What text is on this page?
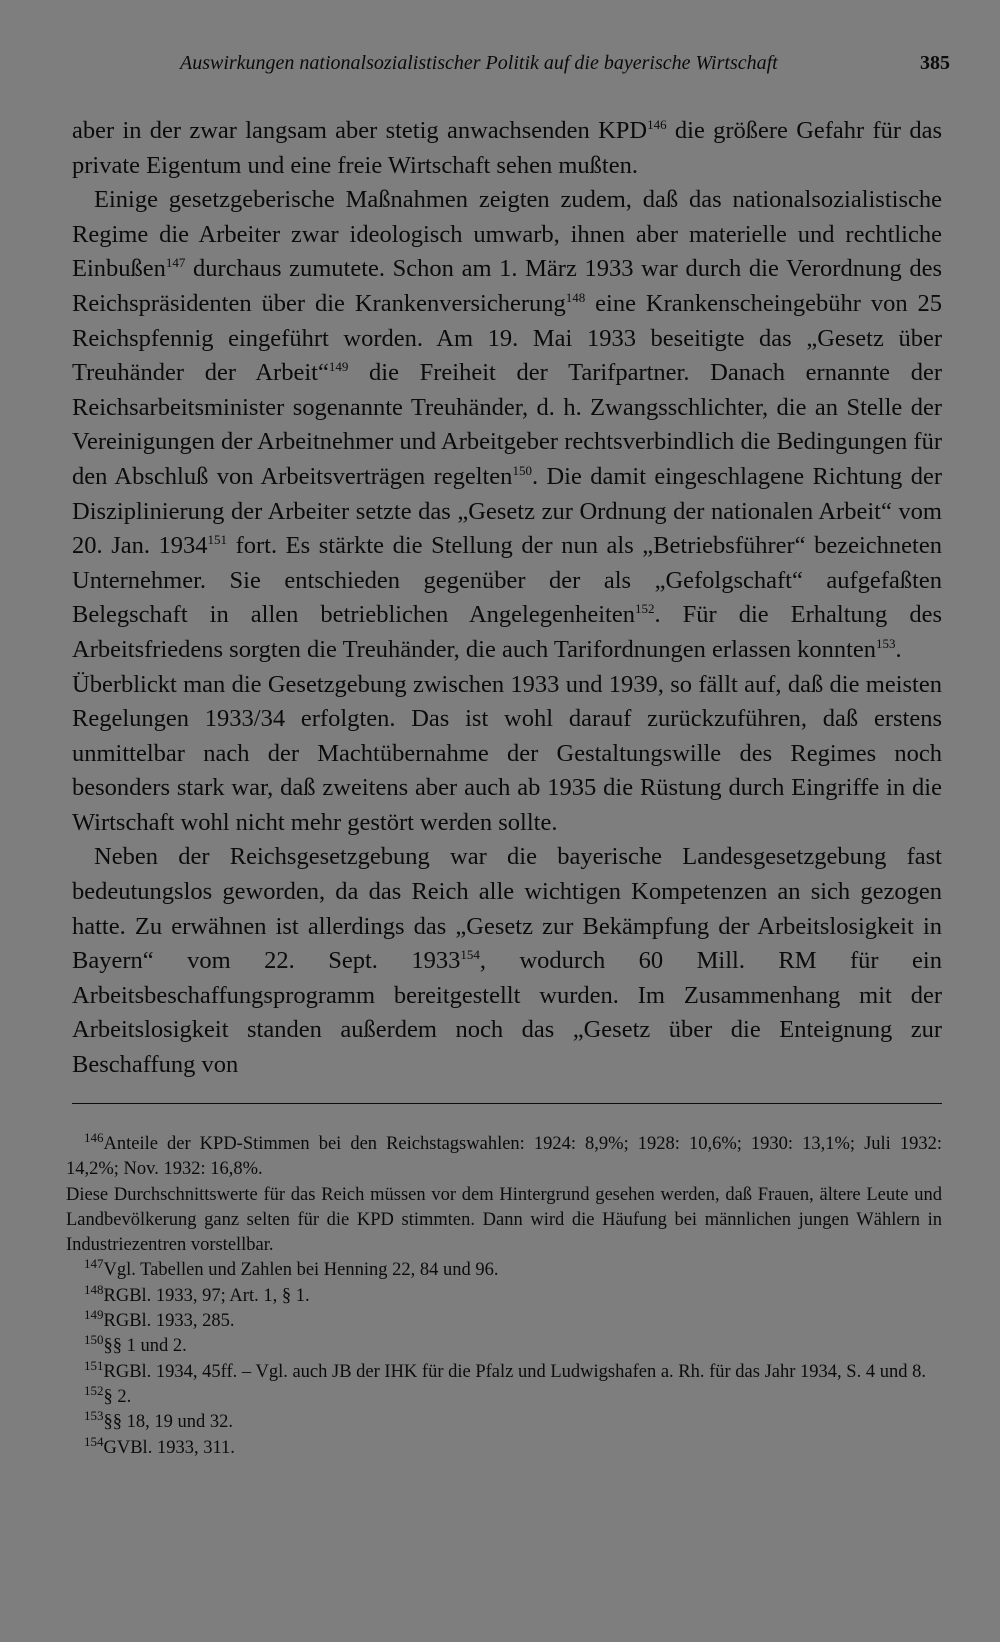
Auswirkungen nationalsozialistischer Politik auf die bayerische Wirtschaft	385

aber in der zwar langsam aber stetig anwachsenden KPD$^{146}$ die größere Gefahr für das private Eigentum und eine freie Wirtschaft sehen mußten.

Einige gesetzgeberische Maßnahmen zeigten zudem, daß das nationalsozialistische Regime die Arbeiter zwar ideologisch umwarb, ihnen aber materielle und rechtliche Einbußen$^{147}$ durchaus zumutete. Schon am 1. März 1933 war durch die Verordnung des Reichspräsidenten über die Krankenversicherung$^{148}$ eine Krankenscheingebühr von 25 Reichspfennig eingeführt worden. Am 19. Mai 1933 beseitigte das „Gesetz über Treuhänder der Arbeit“$^{149}$ die Freiheit der Tarifpartner. Danach ernannte der Reichsarbeitsminister sogenannte Treuhänder, d. h. Zwangsschlichter, die an Stelle der Vereinigungen der Arbeitnehmer und Arbeitgeber rechtsverbindlich die Bedingungen für den Abschluß von Arbeitsverträgen regelten$^{150}$. Die damit eingeschlagene Richtung der Disziplinierung der Arbeiter setzte das „Gesetz zur Ordnung der nationalen Arbeit“ vom 20. Jan. 1934$^{151}$ fort. Es stärkte die Stellung der nun als „Betriebsführer“ bezeichneten Unternehmer. Sie entschieden gegenüber der als „Gefolgschaft“ aufgefaßten Belegschaft in allen betrieblichen Angelegenheiten$^{152}$. Für die Erhaltung des Arbeitsfriedens sorgten die Treuhänder, die auch Tarifordnungen erlassen konnten$^{153}$.

Überblickt man die Gesetzgebung zwischen 1933 und 1939, so fällt auf, daß die meisten Regelungen 1933/34 erfolgten. Das ist wohl darauf zurückzuführen, daß erstens unmittelbar nach der Machtübernahme der Gestaltungswille des Regimes noch besonders stark war, daß zweitens aber auch ab 1935 die Rüstung durch Eingriffe in die Wirtschaft wohl nicht mehr gestört werden sollte.

Neben der Reichsgesetzgebung war die bayerische Landesgesetzgebung fast bedeutungslos geworden, da das Reich alle wichtigen Kompetenzen an sich gezogen hatte. Zu erwähnen ist allerdings das „Gesetz zur Bekämpfung der Arbeitslosigkeit in Bayern“ vom 22. Sept. 1933$^{154}$, wodurch 60 Mill. RM für ein Arbeitsbeschaffungsprogramm bereitgestellt wurden. Im Zusammenhang mit der Arbeitslosigkeit standen außerdem noch das „Gesetz über die Enteignung zur Beschaffung von

$^{146}$Anteile der KPD-Stimmen bei den Reichstagswahlen: 1924: 8,9%; 1928: 10,6%; 1930: 13,1%; Juli 1932: 14,2%; Nov. 1932: 16,8%.

Diese Durchschnittswerte für das Reich müssen vor dem Hintergrund gesehen werden, daß Frauen, ältere Leute und Landbevölkerung ganz selten für die KPD stimmten. Dann wird die Häufung bei männlichen jungen Wählern in Industriezentren vorstellbar.

$^{147}$Vgl. Tabellen und Zahlen bei Henning 22, 84 und 96.

$^{148}$RGBl. 1933, 97; Art. 1, § 1.

$^{149}$RGBl. 1933, 285.

$^{150}$§§ 1 und 2.

$^{151}$RGBl. 1934, 45ff. – Vgl. auch JB der IHK für die Pfalz und Ludwigshafen a. Rh. für das Jahr 1934, S. 4 und 8.

$^{152}$§ 2.

$^{153}$§§ 18, 19 und 32.

$^{154}$GVBl. 1933, 311.
